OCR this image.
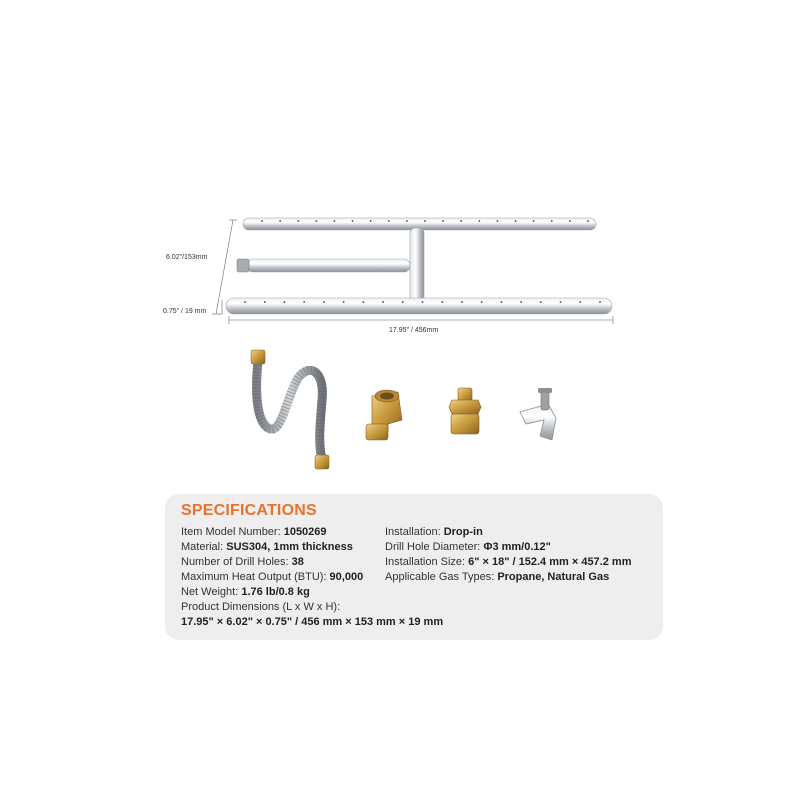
6.02"/153mm
0.75" / 19 mm
17.95" / 456mm
SPECIFICATIONS
Item Model Number: 1050269
Material: SUS304, 1mm thickness
Number of Drill Holes: 38
Maximum Heat Output (BTU): 90,000
Net Weight: 1.76 lb/0.8 kg
Product Dimensions (L x W x H):
17.95" × 6.02" × 0.75" / 456 mm × 153 mm × 19 mm
Installation: Drop-in
Drill Hole Diameter: Φ3 mm/0.12"
Installation Size: 6" × 18" / 152.4 mm × 457.2 mm
Applicable Gas Types: Propane, Natural Gas
